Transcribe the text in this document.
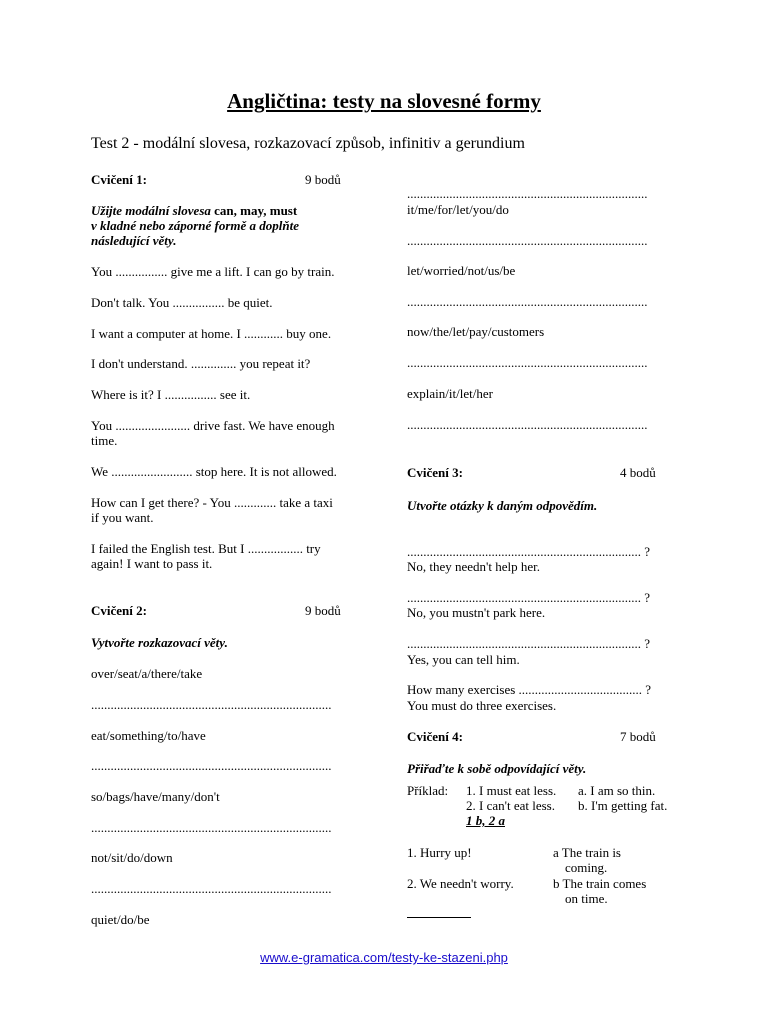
Angličtina: testy na slovesné formy
Test 2 - modální slovesa, rozkazovací způsob, infinitiv a gerundium
Cvičení 1:	9 bodů
Užijte modální slovesa can, may, must
v kladné nebo záporné formě a doplňte
následující věty.
You ................ give me a lift. I can go by train.
Don't talk. You ................ be quiet.
I want a computer at home. I ............ buy one.
I don't understand. .............. you repeat it?
Where is it? I ................ see it.
You ....................... drive fast. We have enough
time.
We ......................... stop here. It is not allowed.
How can I get there? - You ............. take a taxi
if you want.
I failed the English test. But I ................. try
again! I want to pass it.
Cvičení 2:	9 bodů
Vytvořte rozkazovací věty.
over/seat/a/there/take
..........................................................................
eat/something/to/have
..........................................................................
so/bags/have/many/don't
..........................................................................
not/sit/do/down
..........................................................................
quiet/do/be
..........................................................................
it/me/for/let/you/do
..........................................................................
let/worried/not/us/be
..........................................................................
now/the/let/pay/customers
..........................................................................
explain/it/let/her
..........................................................................
Cvičení 3:	4 bodů
Utvořte otázky k daným odpovědím.
........................................................................ ?
No, they needn't help her.
........................................................................ ?
No, you mustn't park here.
........................................................................ ?
Yes, you can tell him.
How many exercises ...................................... ?
You must do three exercises.
Cvičení 4:	7 bodů
Přiřaďte k sobě odpovídající věty.
Příklad: 1. I must eat less. a. I am so thin.
2. I can't eat less. b. I'm getting fat.
1 b, 2 a
1. Hurry up!	a The train is
coming.
2. We needn't worry.	b The train comes
on time.
www.e-gramatica.com/testy-ke-stazeni.php
